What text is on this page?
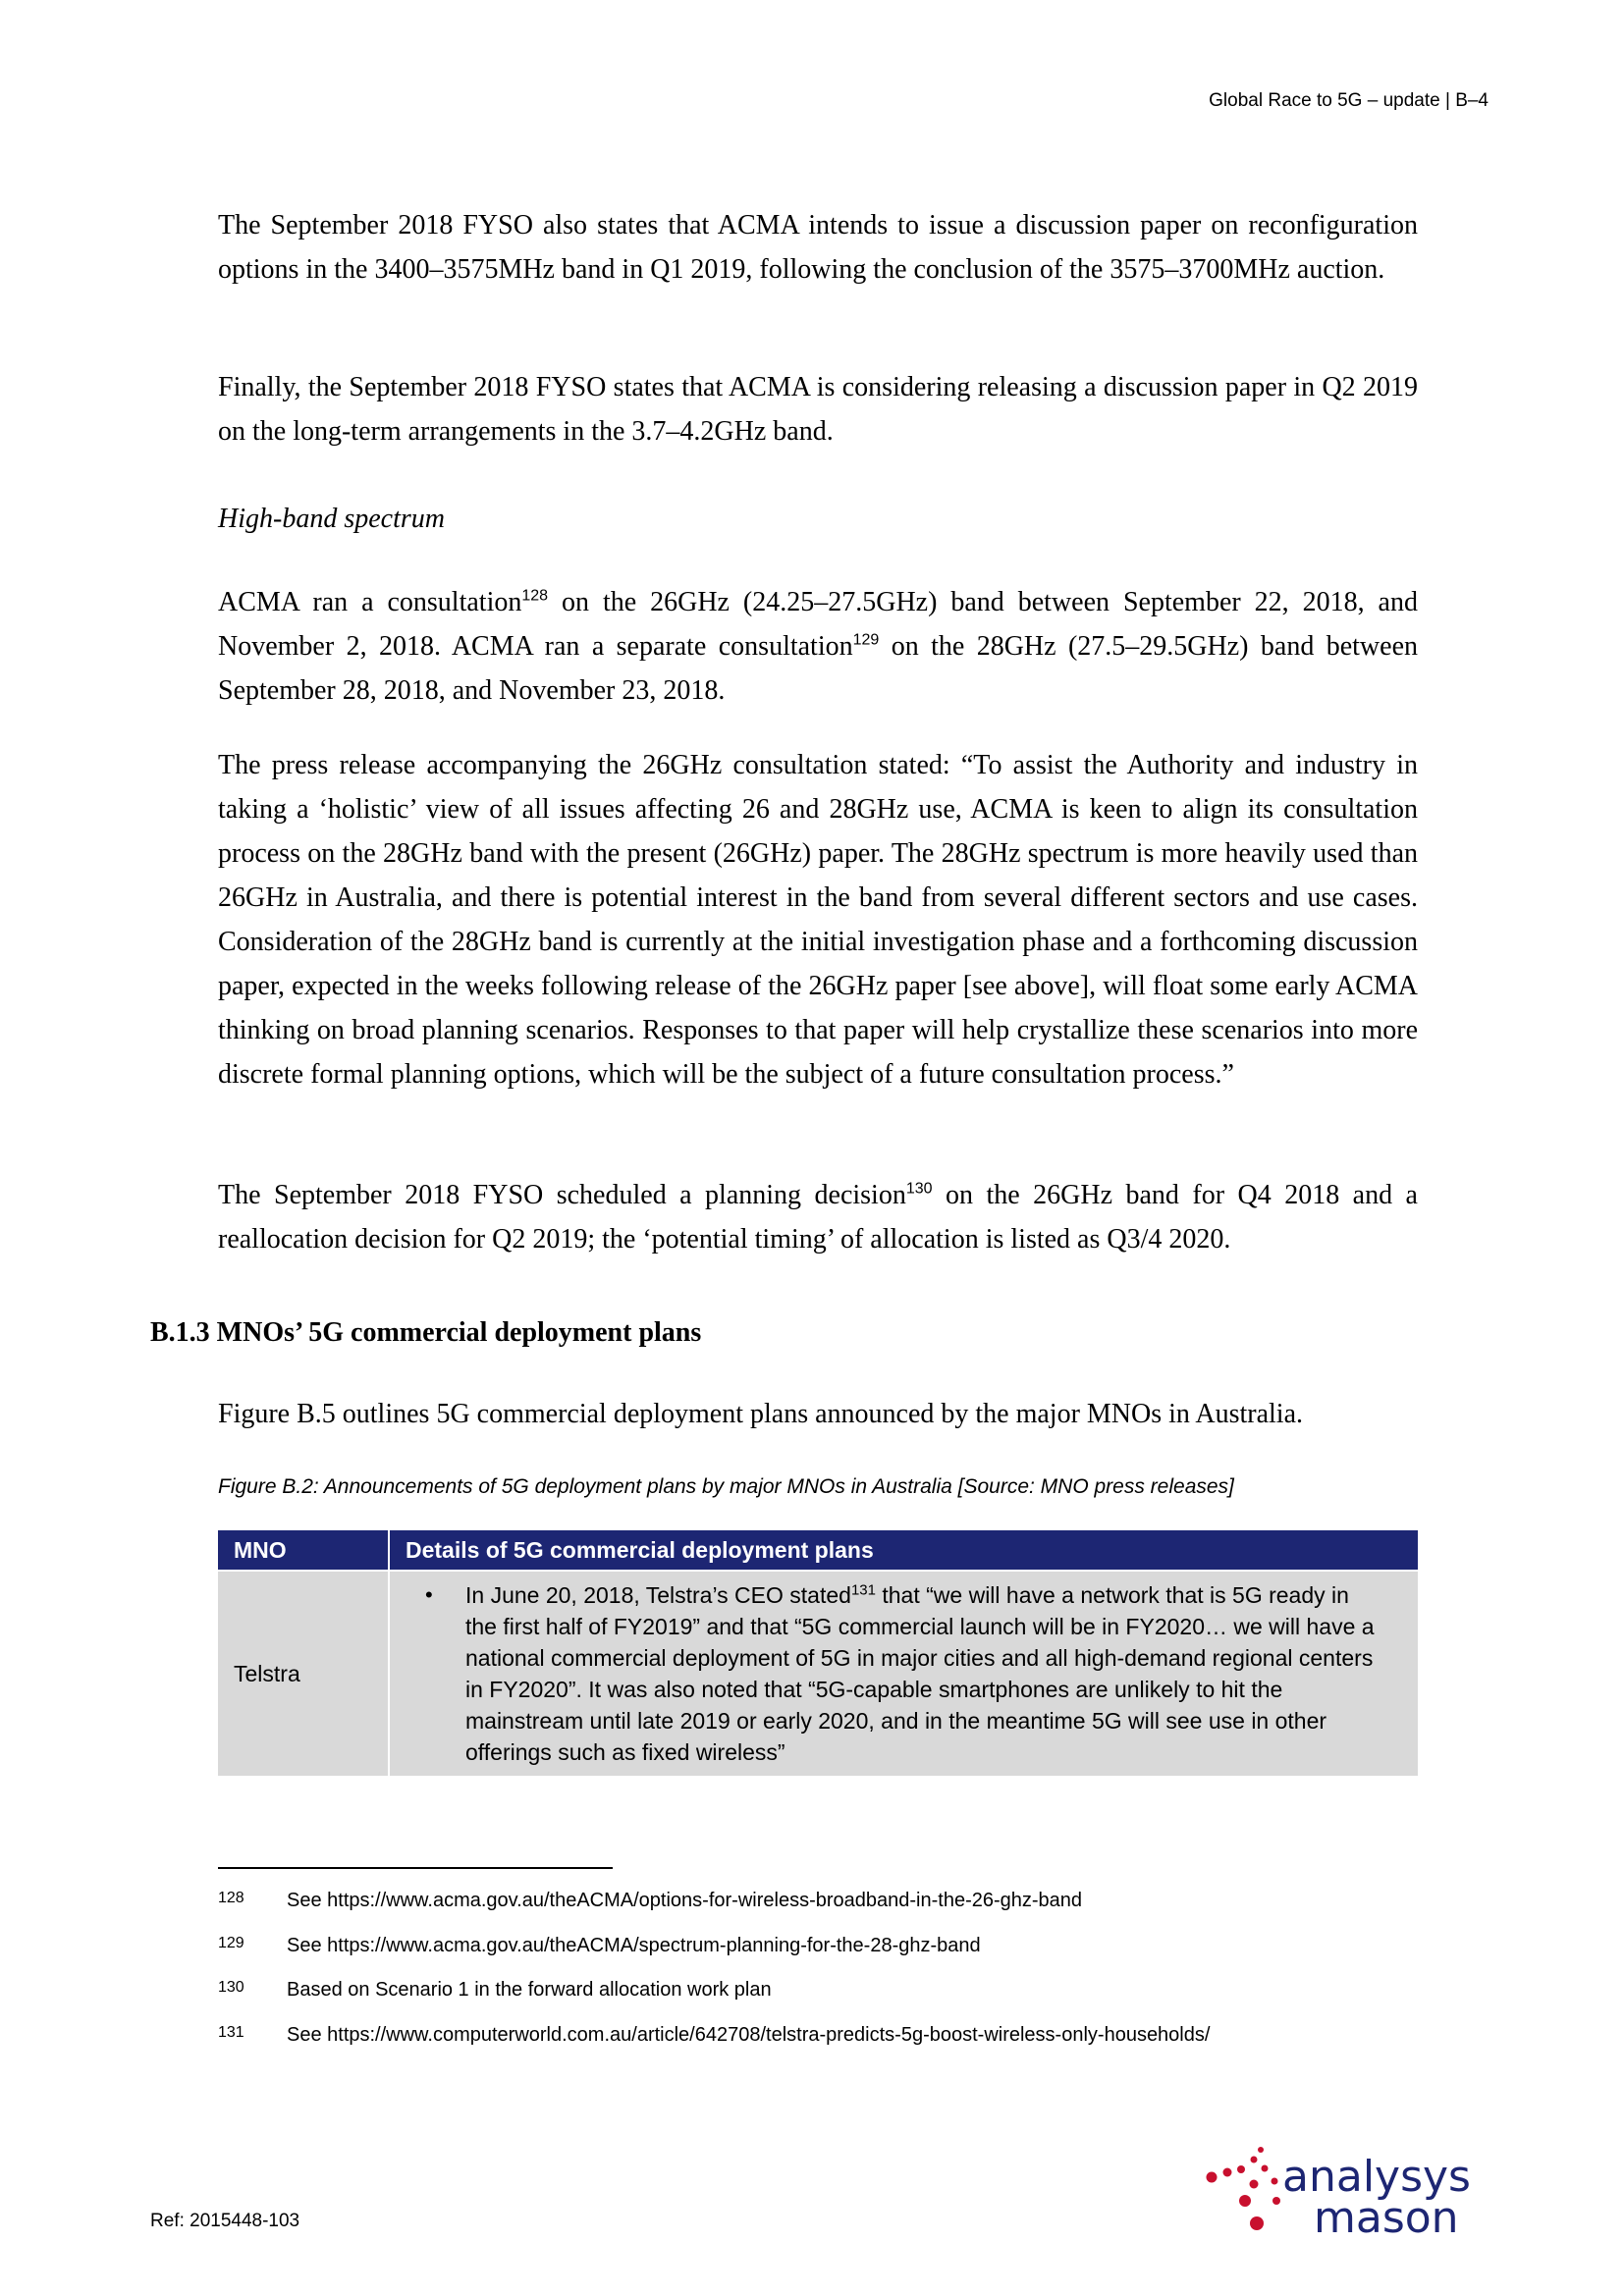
Global Race to 5G – update | B–4

The September 2018 FYSO also states that ACMA intends to issue a discussion paper on reconfiguration options in the 3400–3575MHz band in Q1 2019, following the conclusion of the 3575–3700MHz auction.

Finally, the September 2018 FYSO states that ACMA is considering releasing a discussion paper in Q2 2019 on the long-term arrangements in the 3.7–4.2GHz band.

High-band spectrum

ACMA ran a consultation$^{128}$ on the 26GHz (24.25–27.5GHz) band between September 22, 2018, and November 2, 2018. ACMA ran a separate consultation$^{129}$ on the 28GHz (27.5–29.5GHz) band between September 28, 2018, and November 23, 2018.

The press release accompanying the 26GHz consultation stated: “To assist the Authority and industry in taking a ‘holistic’ view of all issues affecting 26 and 28GHz use, ACMA is keen to align its consultation process on the 28GHz band with the present (26GHz) paper. The 28GHz spectrum is more heavily used than 26GHz in Australia, and there is potential interest in the band from several different sectors and use cases. Consideration of the 28GHz band is currently at the initial investigation phase and a forthcoming discussion paper, expected in the weeks following release of the 26GHz paper [see above], will float some early ACMA thinking on broad planning scenarios. Responses to that paper will help crystallize these scenarios into more discrete formal planning options, which will be the subject of a future consultation process.”

The September 2018 FYSO scheduled a planning decision$^{130}$ on the 26GHz band for Q4 2018 and a reallocation decision for Q2 2019; the ‘potential timing’ of allocation is listed as Q3/4 2020.

B.1.3 MNOs’ 5G commercial deployment plans

Figure B.5 outlines 5G commercial deployment plans announced by the major MNOs in Australia.

Figure B.2: Announcements of 5G deployment plans by major MNOs in Australia [Source: MNO press releases]
MNO	Details of 5G commercial deployment plans
Telstra	• In June 20, 2018, Telstra’s CEO stated$^{131}$ that “we will have a network that is 5G ready in the first half of FY2019” and that “5G commercial launch will be in FY2020… we will have a national commercial deployment of 5G in major cities and all high-demand regional centers in FY2020”. It was also noted that “5G-capable smartphones are unlikely to hit the mainstream until late 2019 or early 2020, and in the meantime 5G will see use in other offerings such as fixed wireless”
128 See https://www.acma.gov.au/theACMA/options-for-wireless-broadband-in-the-26-ghz-band
129 See https://www.acma.gov.au/theACMA/spectrum-planning-for-the-28-ghz-band
130 Based on Scenario 1 in the forward allocation work plan
131 See https://www.computerworld.com.au/article/642708/telstra-predicts-5g-boost-wireless-only-households/
Ref: 2015448-103
analysys
mason
